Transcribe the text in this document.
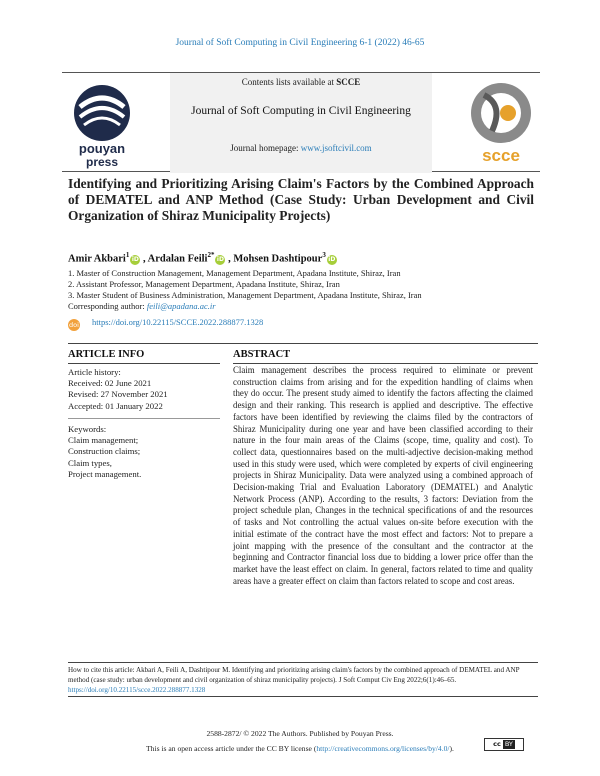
Journal of Soft Computing in Civil Engineering 6-1 (2022) 46-65
pouyan
press
Contents lists available at SCCE
Journal of Soft Computing in Civil Engineering
Journal homepage: www.jsoftcivil.com	scce
Identifying and Prioritizing Arising Claim's Factors by the Combined Approach of DEMATEL and ANP Method (Case Study: Urban Development and Civil Organization of Shiraz Municipality Projects)
Amir Akbari$^1$ iD , Ardalan Feili$^{2*}$ iD , Mohsen Dashtipour$^3$ iD
1. Master of Construction Management, Management Department, Apadana Institute, Shiraz, Iran
2. Assistant Professor, Management Department, Apadana Institute, Shiraz, Iran
3. Master Student of Business Administration, Management Department, Apadana Institute, Shiraz, Iran
Corresponding author: feili@apadana.ac.ir
doi https://doi.org/10.22115/SCCE.2022.288877.1328
ARTICLE INFO	ABSTRACT
Article history:
Received: 02 June 2021
Revised: 27 November 2021
Accepted: 01 January 2022
Keywords:
Claim management;
Construction claims;
Claim types,
Project management.
Claim management describes the process required to eliminate or prevent construction claims from arising and for the expedition handling of claims when they do occur. The present study aimed to identify the factors affecting the claimed design and their ranking. This research is applied and descriptive. The effective factors have been identified by reviewing the claims filed by the contractors of Shiraz Municipality during one year and have been classified according to their nature in the four main areas of the Claims (scope, time, quality and cost). To collect data, questionnaires based on the multi-adjective decision-making method used in this study were used, which were completed by experts of civil engineering projects in Shiraz Municipality. Data were analyzed using a combined approach of Decision-making Trial and Evaluation Laboratory (DEMATEL) and Analytic Network Process (ANP). According to the results, 3 factors: Deviation from the project schedule plan, Changes in the technical specifications of and the resources of tasks and Not controlling the actual values on-site before execution with the initial estimate of the contract have the most effect and factors: Not to prepare a joint mapping with the presence of the consultant and the contractor at the beginning and Contractor financial loss due to bidding a lower price offer than the market have the least effect on claim. In general, factors related to time and quality areas have a greater effect on claim than factors related to scope and cost areas.
How to cite this article: Akbari A, Feili A, Dashtipour M. Identifying and prioritizing arising claim's factors by the combined approach of DEMATEL and ANP method (case study: urban development and civil organization of shiraz municipality projects). J Soft Comput Civ Eng 2022;6(1):46–65. https://doi.org/10.22115/scce.2022.288877.1328
2588-2872/ © 2022 The Authors. Published by Pouyan Press.
This is an open access article under the CC BY license (http://creativecommons.org/licenses/by/4.0/).	cc BY
